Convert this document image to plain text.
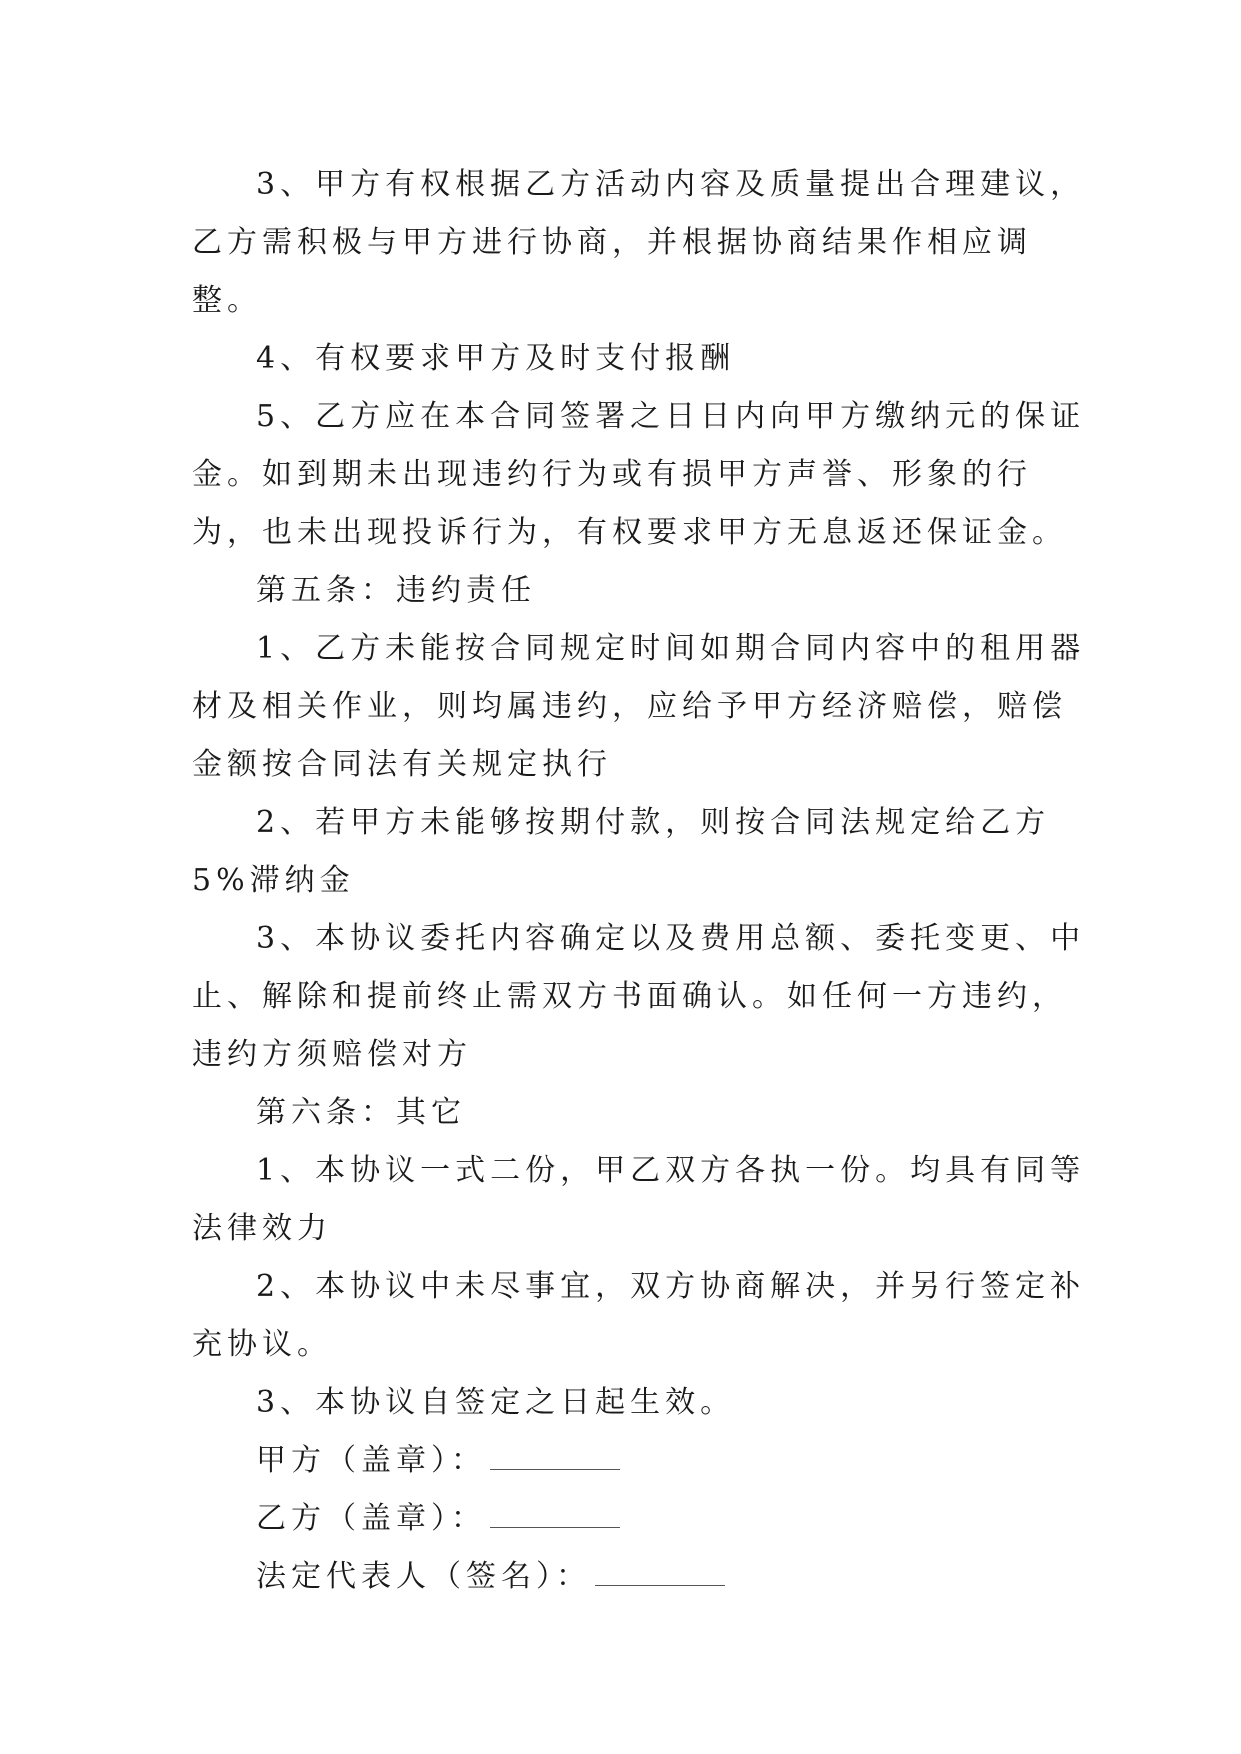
3、甲方有权根据乙方活动内容及质量提出合理建议，乙方需积极与甲方进行协商，并根据协商结果作相应调整。

4、有权要求甲方及时支付报酬

5、乙方应在本合同签署之日日内向甲方缴纳元的保证金。如到期未出现违约行为或有损甲方声誉、形象的行为，也未出现投诉行为，有权要求甲方无息返还保证金。

第五条：违约责任

1、乙方未能按合同规定时间如期合同内容中的租用器材及相关作业，则均属违约，应给予甲方经济赔偿，赔偿金额按合同法有关规定执行

2、若甲方未能够按期付款，则按合同法规定给乙方5%滞纳金

3、本协议委托内容确定以及费用总额、委托变更、中止、解除和提前终止需双方书面确认。如任何一方违约，违约方须赔偿对方

第六条：其它

1、本协议一式二份，甲乙双方各执一份。均具有同等法律效力

2、本协议中未尽事宜，双方协商解决，并另行签定补充协议。

3、本协议自签定之日起生效。

甲方（盖章）：

乙方（盖章）：

法定代表人（签名）：
